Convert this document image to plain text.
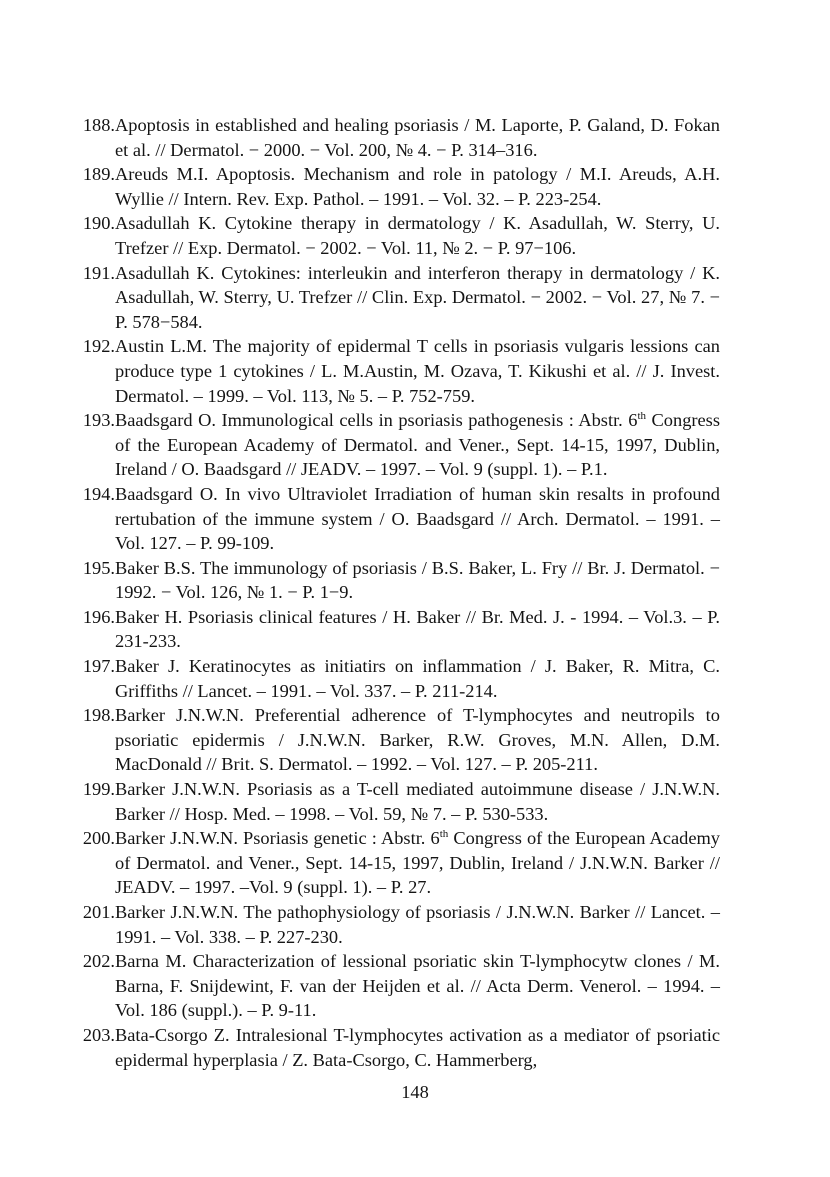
188. Apoptosis in established and healing psoriasis / M. Laporte, P. Galand, D. Fokan et al. // Dermatol. − 2000. − Vol. 200, № 4. − P. 314–316.
189. Areuds M.I. Apoptosis. Mechanism and role in patology / M.I. Areuds, A.H. Wyllie // Intern. Rev. Exp. Pathol. – 1991. – Vol. 32. – P. 223-254.
190. Asadullah K. Cytokine therapy in dermatology / K. Asadullah, W. Sterry, U. Trefzer // Exp. Dermatol. − 2002. − Vol. 11, № 2. − P. 97−106.
191. Asadullah K. Cytokines: interleukin and interferon therapy in dermatology / K. Asadullah, W. Sterry, U. Trefzer // Clin. Exp. Dermatol. − 2002. − Vol. 27, № 7. − P. 578−584.
192. Austin L.M. The majority of epidermal T cells in psoriasis vulgaris lessions can produce type 1 cytokines / L. M.Austin, M. Ozava, T. Kikushi et al. // J. Invest. Dermatol. – 1999. – Vol. 113, № 5. – P. 752-759.
193. Baadsgard O. Immunological cells in psoriasis pathogenesis : Abstr. 6th Congress of the European Academy of Dermatol. and Vener., Sept. 14-15, 1997, Dublin, Ireland / O. Baadsgard // JEADV. – 1997. – Vol. 9 (suppl. 1). – P.1.
194. Baadsgard O. In vivo Ultraviolet Irradiation of human skin resalts in profound rertubation of the immune system / O. Baadsgard // Arch. Dermatol. – 1991. – Vol. 127. – P. 99-109.
195. Baker B.S. The immunology of psoriasis / B.S. Baker, L. Fry // Br. J. Dermatol. − 1992. − Vol. 126, № 1. − P. 1−9.
196. Baker H. Psoriasis clinical features / H. Baker // Br. Med. J. - 1994. – Vol.3. – P. 231-233.
197. Baker J. Keratinocytes as initiatirs on inflammation / J. Baker, R. Mitra, C. Griffiths // Lancet. – 1991. – Vol. 337. – P. 211-214.
198. Barker J.N.W.N. Preferential adherence of T-lymphocytes and neutropils to psoriatic epidermis / J.N.W.N. Barker, R.W. Groves, M.N. Allen, D.M. MacDonald // Brit. S. Dermatol. – 1992. – Vol. 127. – P. 205-211.
199. Barker J.N.W.N. Psoriasis as a T-cell mediated autoimmune disease / J.N.W.N. Barker // Hosp. Med. – 1998. – Vol. 59, № 7. – P. 530-533.
200. Barker J.N.W.N. Psoriasis genetic : Abstr. 6th Congress of the European Academy of Dermatol. and Vener., Sept. 14-15, 1997, Dublin, Ireland / J.N.W.N. Barker // JEADV. – 1997. –Vol. 9 (suppl. 1). – P. 27.
201. Barker J.N.W.N. The pathophysiology of psoriasis / J.N.W.N. Barker // Lancet. – 1991. – Vol. 338. – P. 227-230.
202. Barna M. Characterization of lessional psoriatic skin T-lymphocytw clones / M. Barna, F. Snijdewint, F. van der Heijden et al. // Acta Derm. Venerol. – 1994. – Vol. 186 (suppl.). – P. 9-11.
203. Bata-Csorgo Z. Intralesional T-lymphocytes activation as a mediator of psoriatic epidermal hyperplasia / Z. Bata-Csorgo, C. Hammerberg,
148
